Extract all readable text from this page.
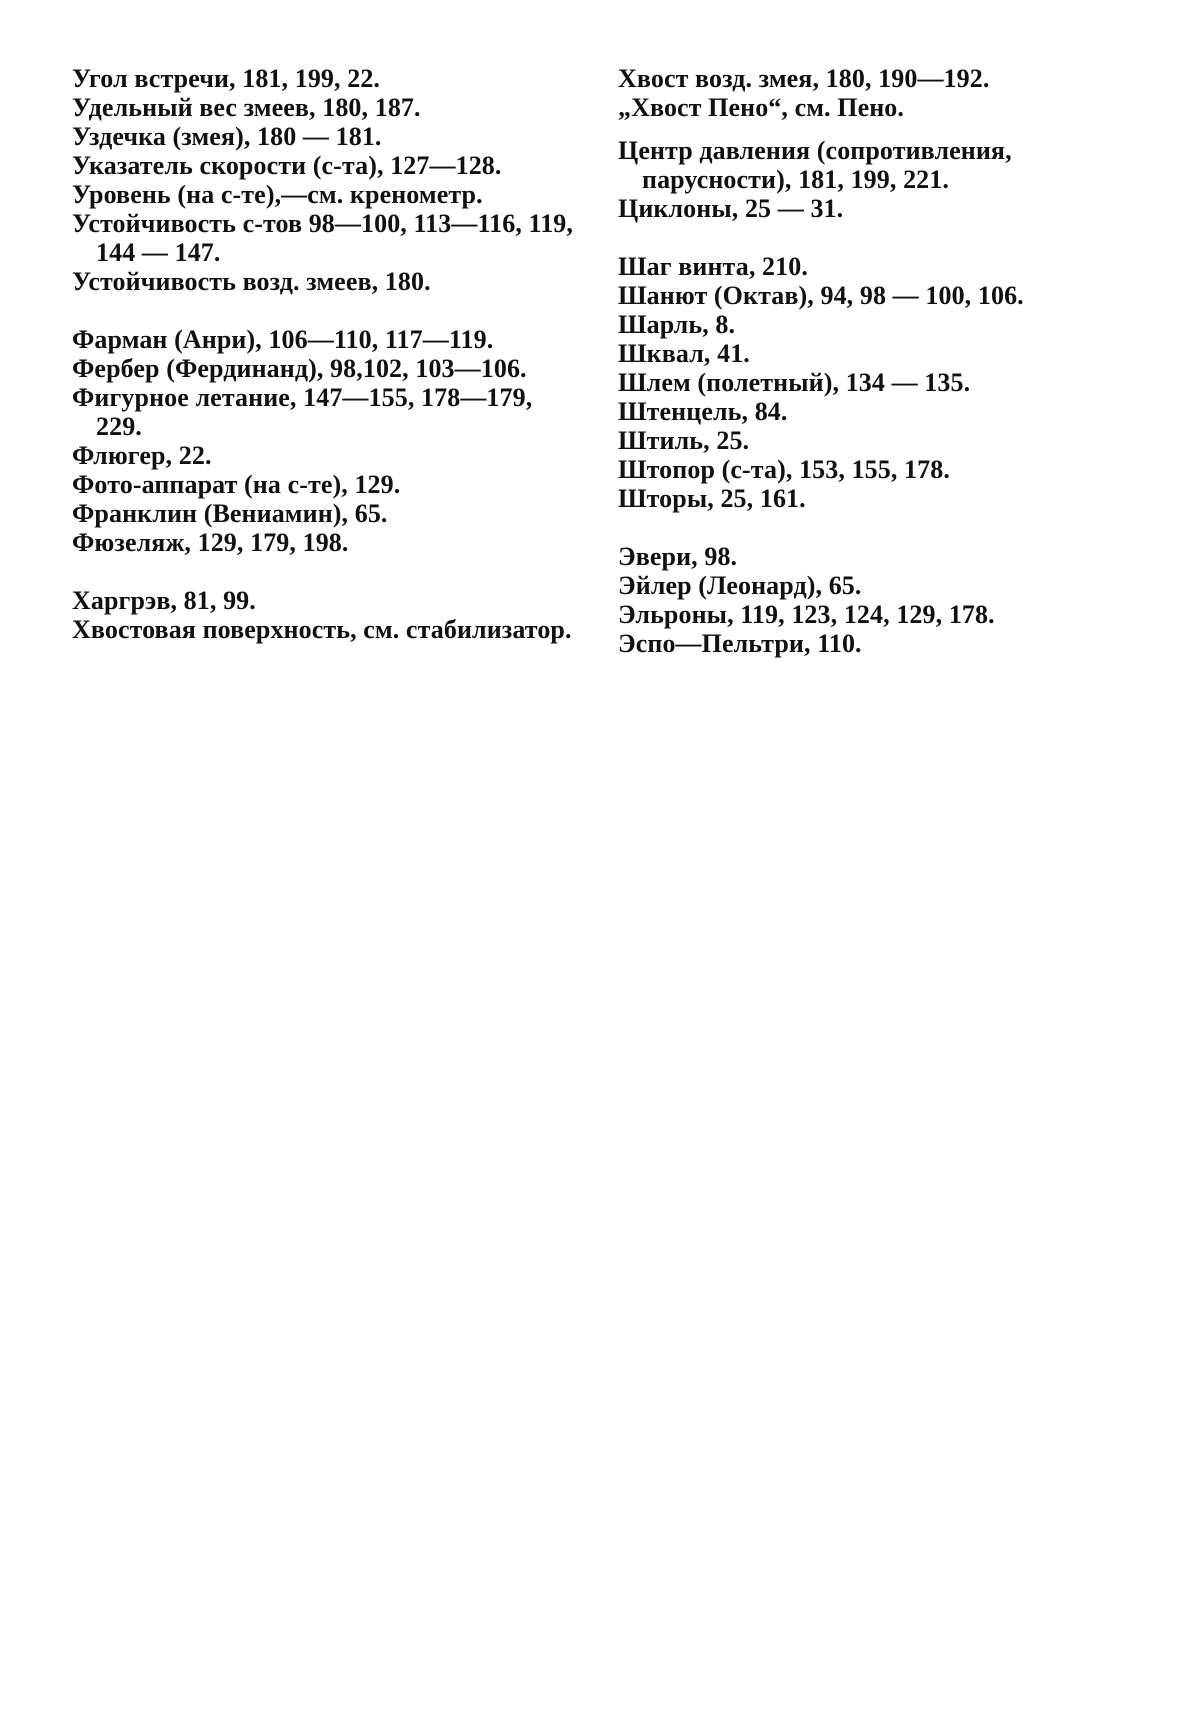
Угол встречи, 181, 199, 22.

Удельный вес змеев, 180, 187.

Уздечка (змея), 180 — 181.

Указатель скорости (с-та), 127—128.

Уровень (на с-те),—см. кренометр.

Устойчивость с-тов 98—100, 113—116, 119, 144 — 147.

Устойчивость возд. змеев, 180.

Фарман (Анри), 106—110, 117—119.

Фербер (Фердинанд), 98,102, 103—106.

Фигурное летание, 147—155, 178—179, 229.

Флюгер, 22.

Фото-аппарат (на с-те), 129.

Франклин (Вениамин), 65.

Фюзеляж, 129, 179, 198.

Харгрэв, 81, 99.

Хвостовая поверхность, см. стабилизатор.

Хвост возд. змея, 180, 190—192.

„Хвост Пено“, см. Пено.

Центр давления (сопротивления, парусности), 181, 199, 221.

Циклоны, 25 — 31.

Шаг винта, 210.

Шанют (Октав), 94, 98 — 100, 106.

Шарль, 8.

Шквал, 41.

Шлем (полетный), 134 — 135.

Штенцель, 84.

Штиль, 25.

Штопор (с-та), 153, 155, 178.

Шторы, 25, 161.

Эвери, 98.

Эйлер (Леонард), 65.

Эльроны, 119, 123, 124, 129, 178.

Эспо—Пельтри, 110.
